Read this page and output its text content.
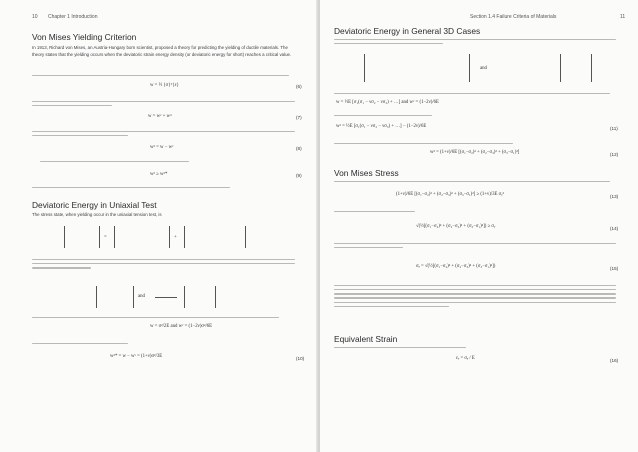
10 Chapter 1 Introduction
Von Mises Yielding Criterion
In 1913, Richard von Mises, an Austria-Hungary born scientist, proposed a theory for predicting the yielding of ductile materials. The theory states that the yielding occurs when the deviatoric strain energy density (or deviatoric energy for short) reaches a critical value.
w = ½ {σ}ᵀ{ε}	(6)
w = wᵛ + wᵈ	(7)
wᵈ = w − wᵛ	(8)
wᵈ ≥ wᵈ*	(9)
Deviatoric Energy in Uniaxial Test
The stress state, when yielding occur in the uniaxial tension test, is
=	+
and
w = σ²/2E and wᵛ = (1−2ν)σ²/6E
wᵈ* = w − wᵛ = (1+ν)σ²/3E	(10)
Section 1.4 Failure Criteria of Materials	11
Deviatoric Energy in General 3D Cases
and
w = ½E [σ₁(σ₁ − νσ₂ − νσ₃) + …] and wᵛ = (1−2ν)/6E
wᵈ = ½E [σ₁(σ₁ − νσ₂ − νσ₃) + …] − (1−2ν)/6E	(11)
wᵈ = (1+ν)/6E [(σ₁−σ₂)² + (σ₂−σ₃)² + (σ₃−σ₁)²]	(12)
Von Mises Stress
(1+ν)/6E [(σ₁−σ₂)² + (σ₂−σ₃)² + (σ₃−σ₁)²] ≥ (1+ν)/3E σᵧ²	(13)
√(½[(σ₁−σ₂)² + (σ₂−σ₃)² + (σ₃−σ₁)²]) ≥ σᵧ	(14)
σₑ = √(½[(σ₁−σ₂)² + (σ₂−σ₃)² + (σ₃−σ₁)²])	(15)
Equivalent Strain
εₑ = σₑ / E	(16)
